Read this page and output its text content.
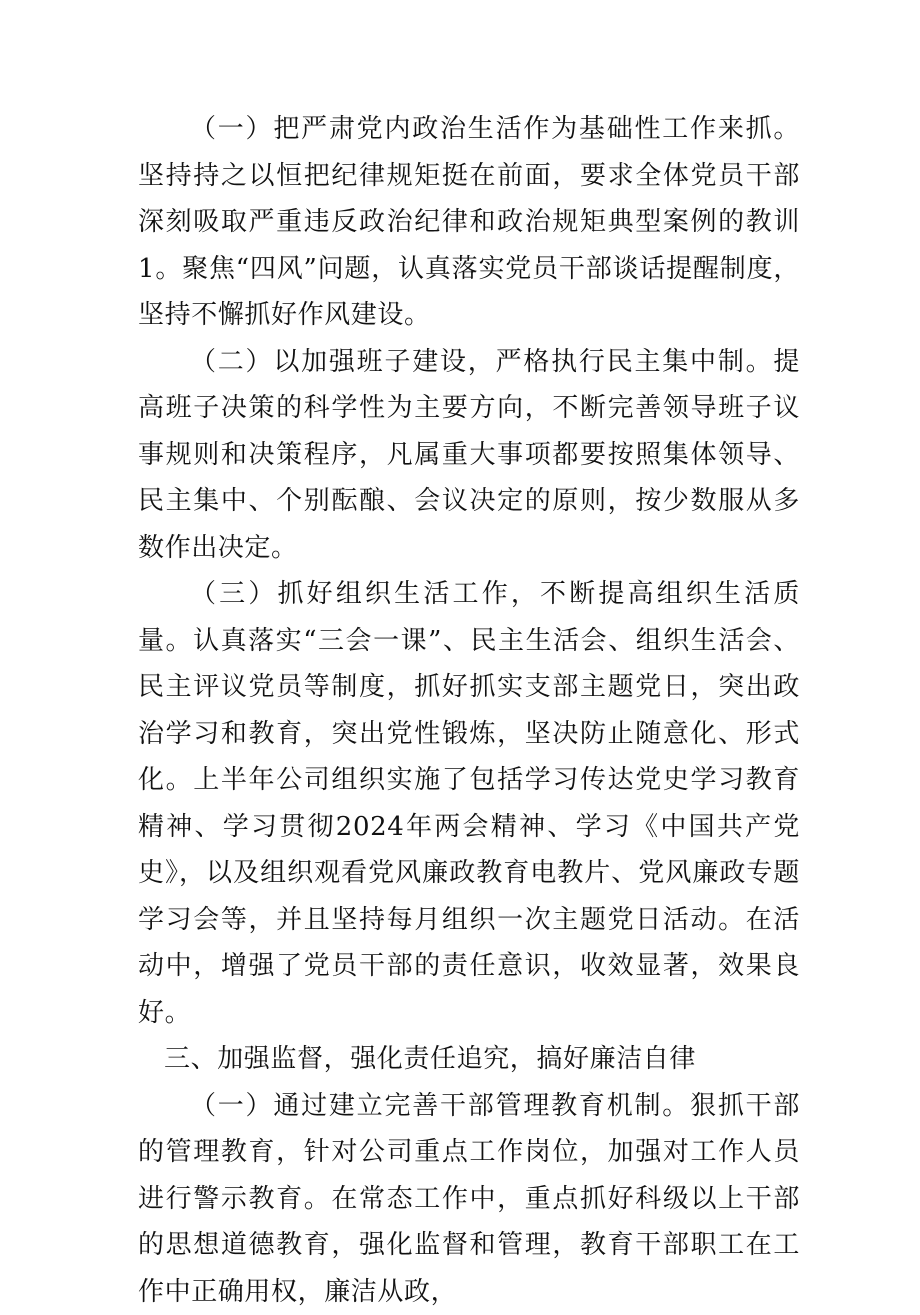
（一）把严肃党内政治生活作为基础性工作来抓。坚持持之以恒把纪律规矩挺在前面，要求全体党员干部深刻吸取严重违反政治纪律和政治规矩典型案例的教训1。聚焦“四风”问题，认真落实党员干部谈话提醒制度，坚持不懈抓好作风建设。

（二）以加强班子建设，严格执行民主集中制。提高班子决策的科学性为主要方向，不断完善领导班子议事规则和决策程序，凡属重大事项都要按照集体领导、民主集中、个别酝酿、会议决定的原则，按少数服从多数作出决定。

（三）抓好组织生活工作，不断提高组织生活质量。认真落实“三会一课”、民主生活会、组织生活会、民主评议党员等制度，抓好抓实支部主题党日，突出政治学习和教育，突出党性锻炼，坚决防止随意化、形式化。上半年公司组织实施了包括学习传达党史学习教育精神、学习贯彻2024年两会精神、学习《中国共产党史》，以及组织观看党风廉政教育电教片、党风廉政专题学习会等，并且坚持每月组织一次主题党日活动。在活动中，增强了党员干部的责任意识，收效显著，效果良好。

三、加强监督，强化责任追究，搞好廉洁自律

（一）通过建立完善干部管理教育机制。狠抓干部的管理教育，针对公司重点工作岗位，加强对工作人员进行警示教育。在常态工作中，重点抓好科级以上干部的思想道德教育，强化监督和管理，教育干部职工在工作中正确用权，廉洁从政，
